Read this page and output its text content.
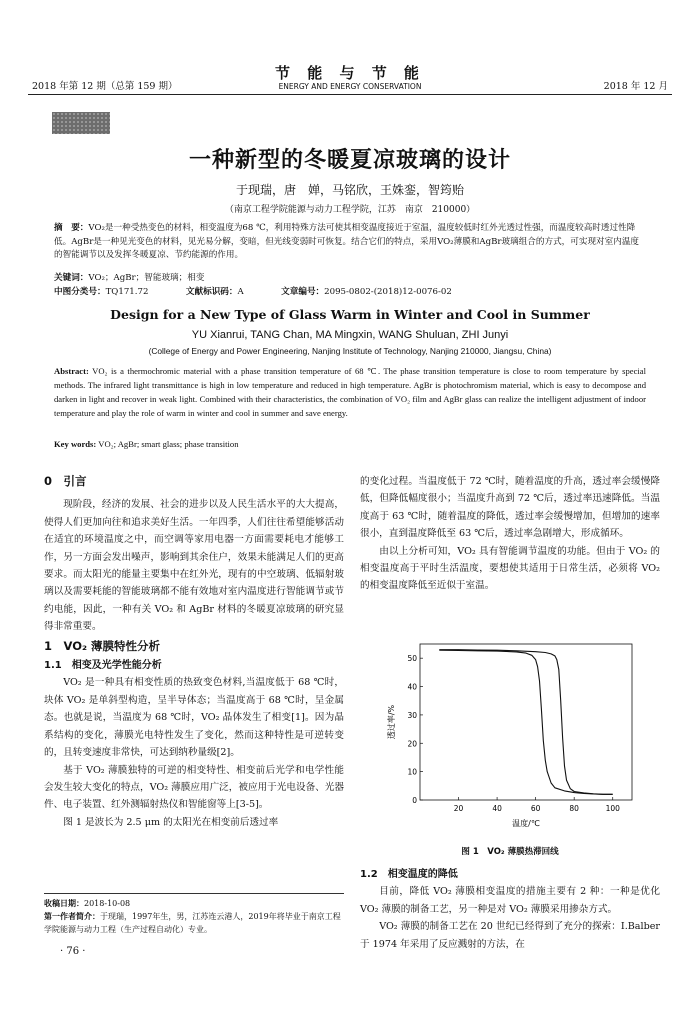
2018 年第 12 期（总第 159 期）
节 能 与 节 能
ENERGY AND ENERGY CONSERVATION	2018 年 12 月
一种新型的冬暖夏凉玻璃的设计
于现瑞，唐　婵，马铭欣，王姝銮，智筠贻
（南京工程学院能源与动力工程学院，江苏　南京　210000）
摘　要：VO₂是一种受热变色的材料，相变温度为68 ℃，利用特殊方法可使其相变温度接近于室温，温度较低时红外光透过性强，而温度较高时透过性降低。AgBr是一种见光变色的材料，见光易分解，变暗，但光线变弱时可恢复。结合它们的特点，采用VO₂薄膜和AgBr玻璃组合的方式，可实现对室内温度的智能调节以及发挥冬暖夏凉、节约能源的作用。
关键词：VO₂；AgBr；智能玻璃；相变
中图分类号：TQ171.72	文献标识码：A	文章编号：2095-0802-(2018)12-0076-02
Design for a New Type of Glass Warm in Winter and Cool in Summer
YU Xianrui, TANG Chan, MA Mingxin, WANG Shuluan, ZHI Junyi
(College of Energy and Power Engineering, Nanjing Institute of Technology, Nanjing 210000, Jiangsu, China)
Abstract: VO₂ is a thermochromic material with a phase transition temperature of 68 ℃. The phase transition temperature is close to room temperature by special methods. The infrared light transmittance is high in low temperature and reduced in high temperature. AgBr is photochromism material, which is easy to decompose and darken in light and recover in weak light. Combined with their characteristics, the combination of VO₂ film and AgBr glass can realize the intelligent adjustment of indoor temperature and play the role of warm in winter and cool in summer and save energy.
Key words: VO₂; AgBr; smart glass; phase transition
0　引言

现阶段，经济的发展、社会的进步以及人民生活水平的大大提高，使得人们更加向往和追求美好生活。一年四季，人们往往希望能够活动在适宜的环境温度之中，而空调等家用电器一方面需要耗电才能够工作，另一方面会发出噪声，影响到其余住户，效果未能满足人们的更高要求。而太阳光的能量主要集中在红外光，现有的中空玻璃、低辐射玻璃以及需要耗能的智能玻璃都不能有效地对室内温度进行智能调节或节约电能，因此，一种有关 VO₂ 和 AgBr 材料的冬暖夏凉玻璃的研究显得非常重要。

1　VO₂ 薄膜特性分析
1.1　相变及光学性能分析

VO₂ 是一种具有相变性质的热致变色材料,当温度低于 68 ℃时，块体 VO₂ 是单斜型构造，呈半导体态；当温度高于 68 ℃时，呈金属态。也就是说，当温度为 68 ℃时，VO₂ 晶体发生了相变[1]。因为晶系结构的变化，薄膜光电特性发生了变化，然而这种特性是可逆转变的，且转变速度非常快，可达到纳秒量级[2]。

基于 VO₂ 薄膜独特的可逆的相变特性、相变前后光学和电学性能会发生较大变化的特点，VO₂ 薄膜应用广泛，被应用于光电设备、光器件、电子装置、红外测辐射热仪和智能窗等上[3-5]。

图 1 是波长为 2.5 μm 的太阳光在相变前后透过率

收稿日期：2018-10-08
第一作者简介：于现瑞，1997年生，男，江苏连云港人，2019年将毕业于南京工程学院能源与动力工程（生产过程自动化）专业。
· 76 ·

的变化过程。当温度低于 72 ℃时，随着温度的升高，透过率会缓慢降低，但降低幅度很小；当温度升高到 72 ℃后，透过率迅速降低。当温度高于 63 ℃时，随着温度的降低，透过率会缓慢增加，但增加的速率很小，直到温度降低至 63 ℃后，透过率急剧增大，形成循环。

由以上分析可知，VO₂ 具有智能调节温度的功能。但由于 VO₂ 的相变温度高于平时生活温度，要想使其适用于日常生活，必须将 VO₂ 的相变温度降低至近似于室温。

0
10
20
30
40
50
20	40	60	80	100
温度/℃
透过率/%
图 1　VO₂ 薄膜热滞回线
1.2　相变温度的降低

目前，降低 VO₂ 薄膜相变温度的措施主要有 2 种：一种是优化 VO₂ 薄膜的制备工艺，另一种是对 VO₂ 薄膜采用掺杂方式。

VO₂ 薄膜的制备工艺在 20 世纪已经得到了充分的探索：I.Balber 于 1974 年采用了反应溅射的方法，在
